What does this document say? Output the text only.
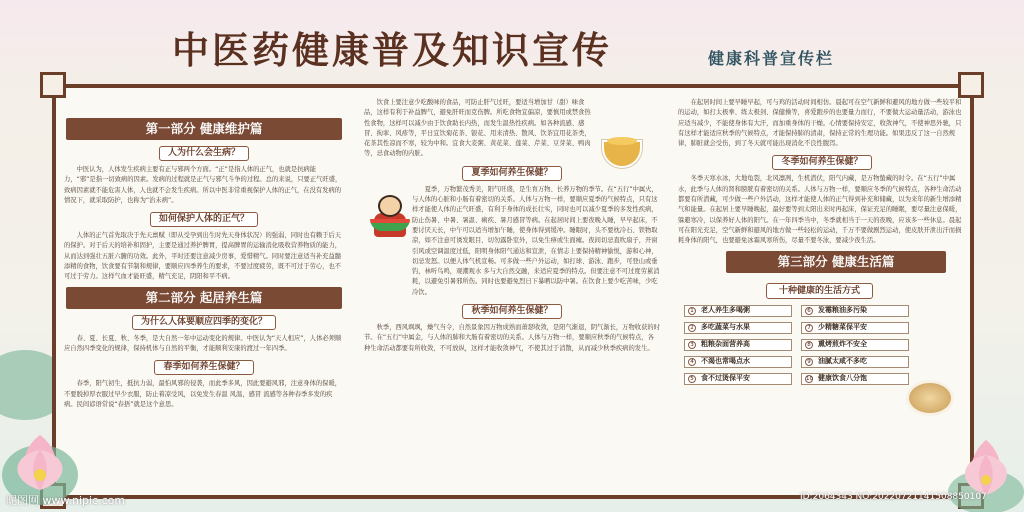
中医药健康普及知识宣传	健康科普宣传栏
第一部分 健康维护篇
人为什么会生病？

中医认为，人体发生疾病主要有正与邪两个方面。“正”是指人体的正气，也就是抗病能力，“邪”是指一切致病的因素。发病的过程就是正气与邪气斗争的过程。总的来说，只要正气旺盛，致病因素就不能危害人体，人也就不会发生疾病。所以中医非常重视保护人体的正气，在没有发病的情况下，就采取防护，也称为“治未病”。

如何保护人体的正气？

人体的正气首先取决于先天禀赋（即从受孕到出生时先天身体状况）的强弱，同时也有赖于后天的保护。对于后天的培补和固护，主要是通过养护脾胃，提高脾胃的运输消化吸收营养物质的能力，从而达到强壮五脏六腑的功效。此外，平时还要注意减少房事，爱惜精气。同时要注意适当补充益髓添精的食物，饮食要有节制和规律，要顺应四季养生的要求，不要过度疲劳，既不可过于劳心，也不可过于劳力。这样气血才能旺盛，精气充足，阴阳和平不病。

第二部分 起居养生篇
为什么人体要顺应四季的变化？

春、夏、长夏、秋、冬季，是大自然一年中运动变化的规律。中医认为“天人相应”，人体必须顺应自然四季变化的规律，保持机体与自然的平衡，才能顺利安康的渡过一年四季。

春季如何养生保健？

春季，阳气初生，抵抗力弱，最怕风邪的侵袭，而此季多风，因此要避风邪，注意身体的保暖，不要脱掉厚衣服过早少衣服，防止着凉受风，以免发生春温 风温，感冒 流感等各种春季多发的疾病。民间谚语常说“春捂”就是这个意思。

饮食上要注意少吃酸味的食品，可防止肝气过旺，要适当增加甘（甜）味食品，这样有利于补益脾气，避免肝旺而克伤脾。所吃食物宜偏凉，要慎用或禁食热性食物，这样可以减少由于饮食助长内热，而发生温热性疾病。如各种流感、感冒、拘挛、风疹等，平日宜饮菊花茶、银花、用来清热、散风、饮茶宜用花茶类，花茶其性凉而不寒，较为中和。宜食大麦粥、黄花菜、莲菜、芹菜、豆芽菜、鸭肉等，忌食动物的内脏。

夏季如何养生保健？

夏季，万物繁茂秀美，阳气旺盛，是生育万物、长养万物的季节。在“五行”中属火，与人体的心脏和小肠有着密切的关系。人体与万物一样，要顺应夏季的气候特点，只有这样才能使人体的正气旺盛，有利于身体的成长壮实，同时也可以减少夏季的多发性疾病，防止伤暑、中暑、暑温、痢疾、暑月感冒等病。在起居时间上要夜晚入睡，早早起床，不要讨厌天长，中午可以适当增加午睡，使身体得到缓冲。睡眠时，头不要枕冷石、铁物取凉，如不注意可诱发眼目、切勿露卧室外，以免生痹或生面瘫。夜间切忌直吹扇子，开窗引风或空调温度过低，阳明身体阳气通达和宣泄，在情志上要保持精神愉悦，游和心神，切忌发怒。以便人体气机宣畅。可多做一些户外运动，如打球、游泳、跑步，可登山或垂钓，林听鸟鸣，观潮观水 多与大自然交融，来适应夏季的特点。但要注意不可过度劳累消耗，以避免引暑邪所伤。同时也要避免烈日下暴晒以防中暑。在饮食上要少吃苦味，少吃冷饮。

秋季如何养生保健？

秋季，西风飒飒，燥气当令，自然景象因万物成熟而萧瑟收敛，是阳气渐退，阴气渐长，万物收获的时节。在“五行”中属金，与人体的肺和大肠有着密切的关系。人体与万物一样，要顺应秋季的气候特点，各种生命活动都要有所收敛，不可放纵，这样才能收敛神气，不使其过于消散，从而减少秋季疾病的发生。

在起居时间上要早睡早起，可与鸡的活动时间相仿。晨起可在空气新鲜和避风的地方做一些较平和的运动，如打太极拳、练太极剑、保健操等，喜爱跑步的也要量力而行，不要做大运动量活动，游泳也应适当减少，不能使身体有大汗，而加重身体的干燥。心情要保持安定，收敛神气，不使神思外驰，只有这样才能适应秋季的气候特点，才能保持肺的清肃，保持正常的生理功能。如果违反了这一自然规律，肺脏就会受伤，到了冬天就可能出现消化不良性腹泻。

冬季如何养生保健？

冬季天寒水冰，大地龟裂，北风凛冽，生机潜伏，阳气内藏，是万物蛰藏的时令。在“五行”中属水，此季与人体的肾和膀胱有着密切的关系。人体与万物一样，要顺应冬季的气候特点，各种生命活动都要有所潜藏，可少做一些户外活动，这样才能使人体的正气得到补充和储藏，以为来年的新生增添精气和能量。在起居上要早睡晚起，最好要等到太阳出来时再起床，保证充足的睡眠，要尽量注意保暖，躲避寒冷，以保养好人体的阳气。在一年四季当中，冬季就相当于一天的夜晚，应该多一些休息。晨起可在阳光充足，空气新鲜和避风的地方做一些轻松的运动，千万不要做剧烈运动，使皮肤开泄出汗而损耗身体的阳气，也要避免冰霜风寒所伤，尽量不要冬泳，要减少夜生活。

第三部分 健康生活篇
十种健康的生活方式
1	老人养生多喝粥	6	发霉粮油多污染
2	多吃蔬菜与水果	7	少精糖菜保平安
3	粗粮杂面营养高	8	熏烤煎炸不安全
4	不渴也常喝点水	9	油腻太咸不多吃
5	食不过烫保平安	10 健康饮食八分饱
昵图网 www.nipic.com	ID:2064343 NO:20220721141508850107
